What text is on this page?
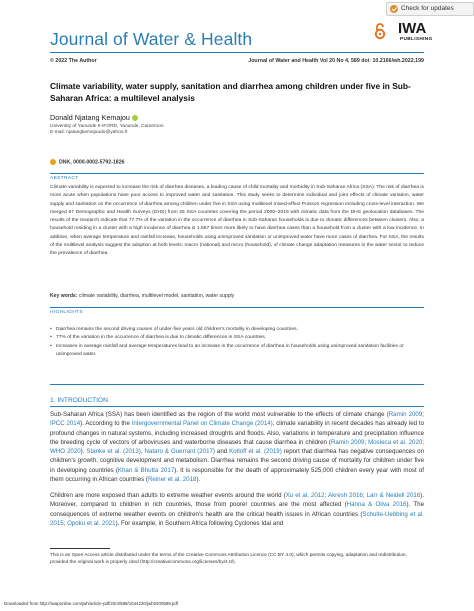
Check for updates
Journal of Water & Health
IWA
PUBLISHING
© 2022 The Author	Journal of Water and Health Vol 20 No 4, 589 doi: 10.2166/wh.2022.199
Climate variability, water supply, sanitation and diarrhea among children under five in Sub-Saharan Africa: a multilevel analysis
Donald Njatang Kemajou
University of Yaounde II-IFORD, Yaounde, Cameroon
E-mail: njatangkemajoudo@yahoo.fr
DNK, 0000-0002-5792-1826
ABSTRACT
Climate variability is expected to increase the risk of diarrhea diseases, a leading cause of child mortality and morbidity in Sub-Saharan Africa (SSA). The risk of diarrhea is more acute when populations have poor access to improved water and sanitation. This study seeks to determine individual and joint effects of climate variation, water supply and sanitation on the occurrence of diarrhea among children under five in SSA using multilevel mixed-effect Poisson regression including cross-level interaction. We merged 57 Demographic and Health Surveys (DHS) from 25 SSA countries covering the period 2000–2019 with climatic data from the DHS geolocation databases. The results of the research indicate that 77.7% of the variation in the occurrence of diarrhea in Sub-Saharan households is due to climatic differences between clusters. Also, a household residing in a cluster with a high incidence of diarrhea is 1.567 times more likely to have diarrhea cases than a household from a cluster with a low incidence. In addition, when average temperature and rainfall increase, households using unimproved sanitation or unimproved water have more cases of diarrhea. For SSA, the results of the multilevel analysis suggest the adoption at both levels; macro (national) and micro (household), of climate change adaptation measures in the water sector to reduce the prevalence of diarrhea.
Key words: climate variability, diarrhea, multilevel model, sanitation, water supply
HIGHLIGHTS
• Diarrhea remains the second driving causes of under-five years old children's mortality in developing countries.
• 77% of the variation in the occurrence of diarrhea is due to climatic differences in SSA countries.
• Increases in average rainfall and average temperatures lead to an increase in the occurrence of diarrhea in households using unimproved sanitation facilities or unimproved water.
1. INTRODUCTION
Sub-Saharan Africa (SSA) has been identified as the region of the world most vulnerable to the effects of climate change (Ramin 2009; IPCC 2014). According to the Intergovernmental Panel on Climate Change (2014), climate variability in recent decades has already led to profound changes in natural systems, including increased droughts and floods. Also, variations in temperature and precipitation influence the breeding cycle of vectors of arboviruses and waterborne diseases that cause diarrhea in children (Ramin 2009; Mosleca et al. 2020; WHO 2020). Stanke et al. (2013), Nataro & Guerrant (2017) and Kotloff et al. (2019) report that diarrhea has negative consequences on children's growth, cognitive development and metabolism. Diarrhea remains the second driving cause of mortality for children under five in developing countries (Khan & Bhutta 2017). It is responsible for the death of approximately 525,000 children every year with most of them occurring in African countries (Reiner et al. 2018).
Children are more exposed than adults to extreme weather events around the world (Xu et al. 2012; Akresh 2016; Larr & Neidell 2016). Moreover, compared to children in rich countries, those from poorer countries are the most affected (Hanna & Oliva 2016). The consequences of extreme weather events on children's health are the critical health issues in African countries (Schulte-Uebbing et al. 2015; Opoku et al. 2021). For example, in Southern Africa following Cyclones Idai and
This is an Open Access article distributed under the terms of the Creative Commons Attribution Licence (CC BY 4.0), which permits copying, adaptation and redistribution, provided the original work is properly cited (http://creativecommons.org/licenses/by/4.0/).
Downloaded from http://iwaponline.com/jwh/article-pdf/20/4/589/1044230/jwh0200589.pdf
